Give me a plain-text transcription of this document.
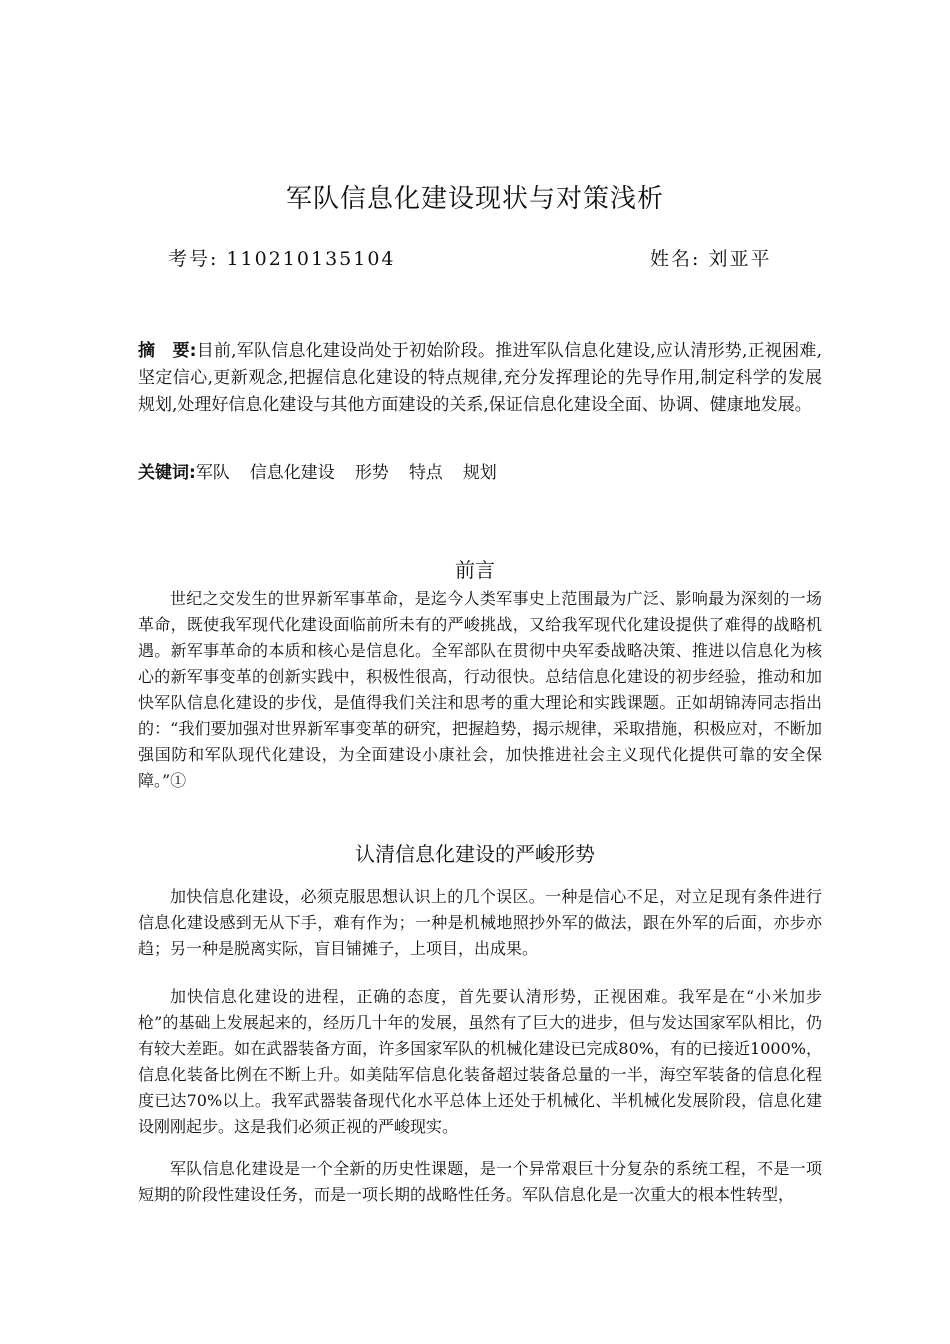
军队信息化建设现状与对策浅析
考号: 110210135104	姓名: 刘亚平

摘　要:目前,军队信息化建设尚处于初始阶段。推进军队信息化建设,应认清形势,正视困难,坚定信心,更新观念,把握信息化建设的特点规律,充分发挥理论的先导作用,制定科学的发展规划,处理好信息化建设与其他方面建设的关系,保证信息化建设全面、协调、健康地发展。

关键词:军队 信息化建设 形势 特点 规划

前言

世纪之交发生的世界新军事革命，是迄今人类军事史上范围最为广泛、影响最为深刻的一场革命，既使我军现代化建设面临前所未有的严峻挑战，又给我军现代化建设提供了难得的战略机遇。新军事革命的本质和核心是信息化。全军部队在贯彻中央军委战略决策、推进以信息化为核心的新军事变革的创新实践中，积极性很高，行动很快。总结信息化建设的初步经验，推动和加快军队信息化建设的步伐，是值得我们关注和思考的重大理论和实践课题。正如胡锦涛同志指出的：“我们要加强对世界新军事变革的研究，把握趋势，揭示规律，采取措施，积极应对，不断加强国防和军队现代化建设，为全面建设小康社会，加快推进社会主义现代化提供可靠的安全保障。”①

认清信息化建设的严峻形势

加快信息化建设，必须克服思想认识上的几个误区。一种是信心不足，对立足现有条件进行信息化建设感到无从下手，难有作为；一种是机械地照抄外军的做法，跟在外军的后面，亦步亦趋；另一种是脱离实际，盲目铺摊子，上项目，出成果。

加快信息化建设的进程，正确的态度，首先要认清形势，正视困难。我军是在“小米加步枪”的基础上发展起来的，经历几十年的发展，虽然有了巨大的进步，但与发达国家军队相比，仍有较大差距。如在武器装备方面，许多国家军队的机械化建设已完成80%，有的已接近1000%，信息化装备比例在不断上升。如美陆军信息化装备超过装备总量的一半，海空军装备的信息化程度已达70%以上。我军武器装备现代化水平总体上还处于机械化、半机械化发展阶段，信息化建设刚刚起步。这是我们必须正视的严峻现实。

军队信息化建设是一个全新的历史性课题，是一个异常艰巨十分复杂的系统工程，不是一项短期的阶段性建设任务，而是一项长期的战略性任务。军队信息化是一次重大的根本性转型，
